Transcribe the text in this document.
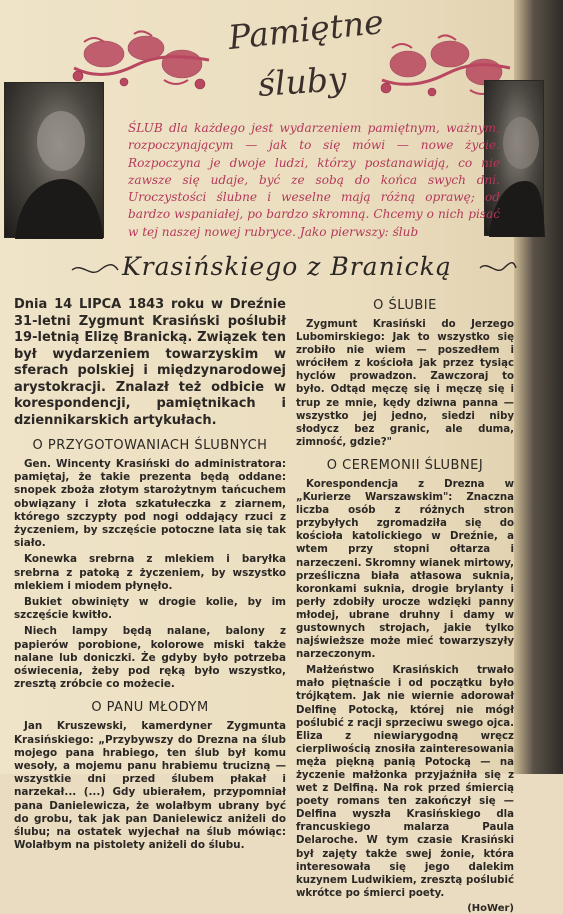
Pamiętne
śluby
ŚLUB dla każdego jest wydarzeniem pamiętnym, ważnym, rozpoczynającym — jak to się mówi — nowe życie. Rozpoczyna je dwoje ludzi, którzy postanawiają, co nie zawsze się udaje, być ze sobą do końca swych dni. Uroczystości ślubne i weselne mają różną oprawę; od bardzo wspaniałej, po bardzo skromną. Chcemy o nich pisać w tej naszej nowej rubryce. Jako pierwszy: ślub
Krasińskiego z Branicką
Dnia 14 LIPCA 1843 roku w Dreźnie 31-letni Zygmunt Krasiński poślubił 19-letnią Elizę Branicką. Związek ten był wydarzeniem towarzyskim w sferach polskiej i międzynarodowej arystokracji. Znalazł też odbicie w korespondencji, pamiętnikach i dziennikarskich artykułach.
O PRZYGOTOWANIACH ŚLUBNYCH

Gen. Wincenty Krasiński do administratora: pamiętaj, że takie prezenta będą oddane: snopek zboża złotym starożytnym tańcuchem obwiązany i złota szkatułeczka z ziarnem, którego szczypty pod nogi oddający rzuci z życzeniem, by szczęście potoczne lata się tak siało.

Konewka srebrna z mlekiem i baryłka srebrna z patoką z życzeniem, by wszystko mlekiem i miodem płynęło.

Bukiet obwinięty w drogie kolie, by im szczęście kwitło.

Niech lampy będą nalane, balony z papierów porobione, kolorowe miski także nalane lub doniczki. Że gdyby było potrzeba oświecenia, żeby pod ręką było wszystko, zresztą zróbcie co możecie.

O PANU MŁODYM

Jan Kruszewski, kamerdyner Zygmunta Krasińskiego: „Przybywszy do Drezna na ślub mojego pana hrabiego, ten ślub był komu wesoły, a mojemu panu hrabiemu trucizną — wszystkie dni przed ślubem płakał i narzekał... (...) Gdy ubierałem, przypomniał pana Danielewicza, że wolałbym ubrany być do grobu, tak jak pan Danielewicz aniżeli do ślubu; na ostatek wyjechał na ślub mówiąc: Wolałbym na pistolety aniżeli do ślubu.

O ŚLUBIE

Zygmunt Krasiński do Jerzego Lubomirskiego: Jak to wszystko się zrobiło nie wiem — poszedłem i wróciłem z kościoła jak przez tysiąc hyclów prowadzon. Zawczoraj to było. Odtąd męczę się i męczę się i trup ze mnie, kędy dziwna panna — wszystko jej jedno, siedzi niby słodycz bez granic, ale duma, zimność, gdzie?"

O CEREMONII ŚLUBNEJ

Korespondencja z Drezna w „Kurierze Warszawskim": Znaczna liczba osób z różnych stron przybyłych zgromadziła się do kościoła katolickiego w Dreźnie, a wtem przy stopni ołtarza i narzeczeni. Skromny wianek mirtowy, prześliczna biała atłasowa suknia, koronkami suknia, drogie brylanty i perły zdobiły urocze wdzięki panny młodej, ubrane druhny i damy w gustownych strojach, jakie tylko najświeższe może mieć towarzyszyły narzeczonym.

Małżeństwo Krasińskich trwało mało piętnaście i od początku było trójkątem. Jak nie wiernie adorował Delfinę Potocką, której nie mógł poślubić z racji sprzeciwu swego ojca. Eliza z niewiarygodną wręcz cierpliwością znosiła zainteresowania męża piękną panią Potocką — na życzenie małżonka przyjaźniła się z wet z Delfiną. Na rok przed śmiercią poety romans ten zakończył się — Delfina wyszła Krasińskiego dla francuskiego malarza Paula Delaroche. W tym czasie Krasiński był zajęty także swej żonie, która interesowała się jego dalekim kuzynem Ludwikiem, zresztą poślubić wkrótce po śmierci poety.

(HoWer)
